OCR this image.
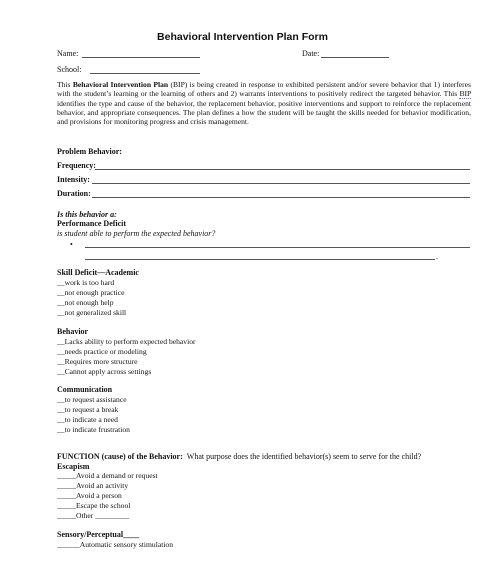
Behavioral Intervention Plan Form
Name:	Date:
School:
This Behavioral Intervention Plan (BIP) is being created in response to exhibited persistent and/or severe behavior that 1) interferes with the student’s learning or the learning of others and 2) warrants interventions to positively redirect the targeted behavior. This BIP identifies the type and cause of the behavior, the replacement behavior, positive interventions and support to reinforce the replacement behavior, and appropriate consequences. The plan defines a how the student will be taught the skills needed for behavior modification, and provisions for monitoring progress and crisis management.
Problem Behavior:
Frequency:
Intensity:
Duration:
Is this behavior a:
Performance Deficit
is student able to perform the expected behavior?
•
.
Skill Deficit—Academic
__work is too hard
__not enough practice
__not enough help
__not generalized skill
Behavior
__Lacks ability to perform expected behavior
__needs practice or modeling
__Requires more structure
__Cannot apply across settings
Communication
__to request assistance
__to request a break
__to indicate a need
__to indicate frustration
FUNCTION (cause) of the Behavior: What purpose does the identified behavior(s) seem to serve for the child?
Escapism
_____Avoid a demand or request
_____Avoid an activity
_____Avoid a person
_____Escape the school
_____Other _________
Sensory/Perceptual____
______Automatic sensory stimulation
